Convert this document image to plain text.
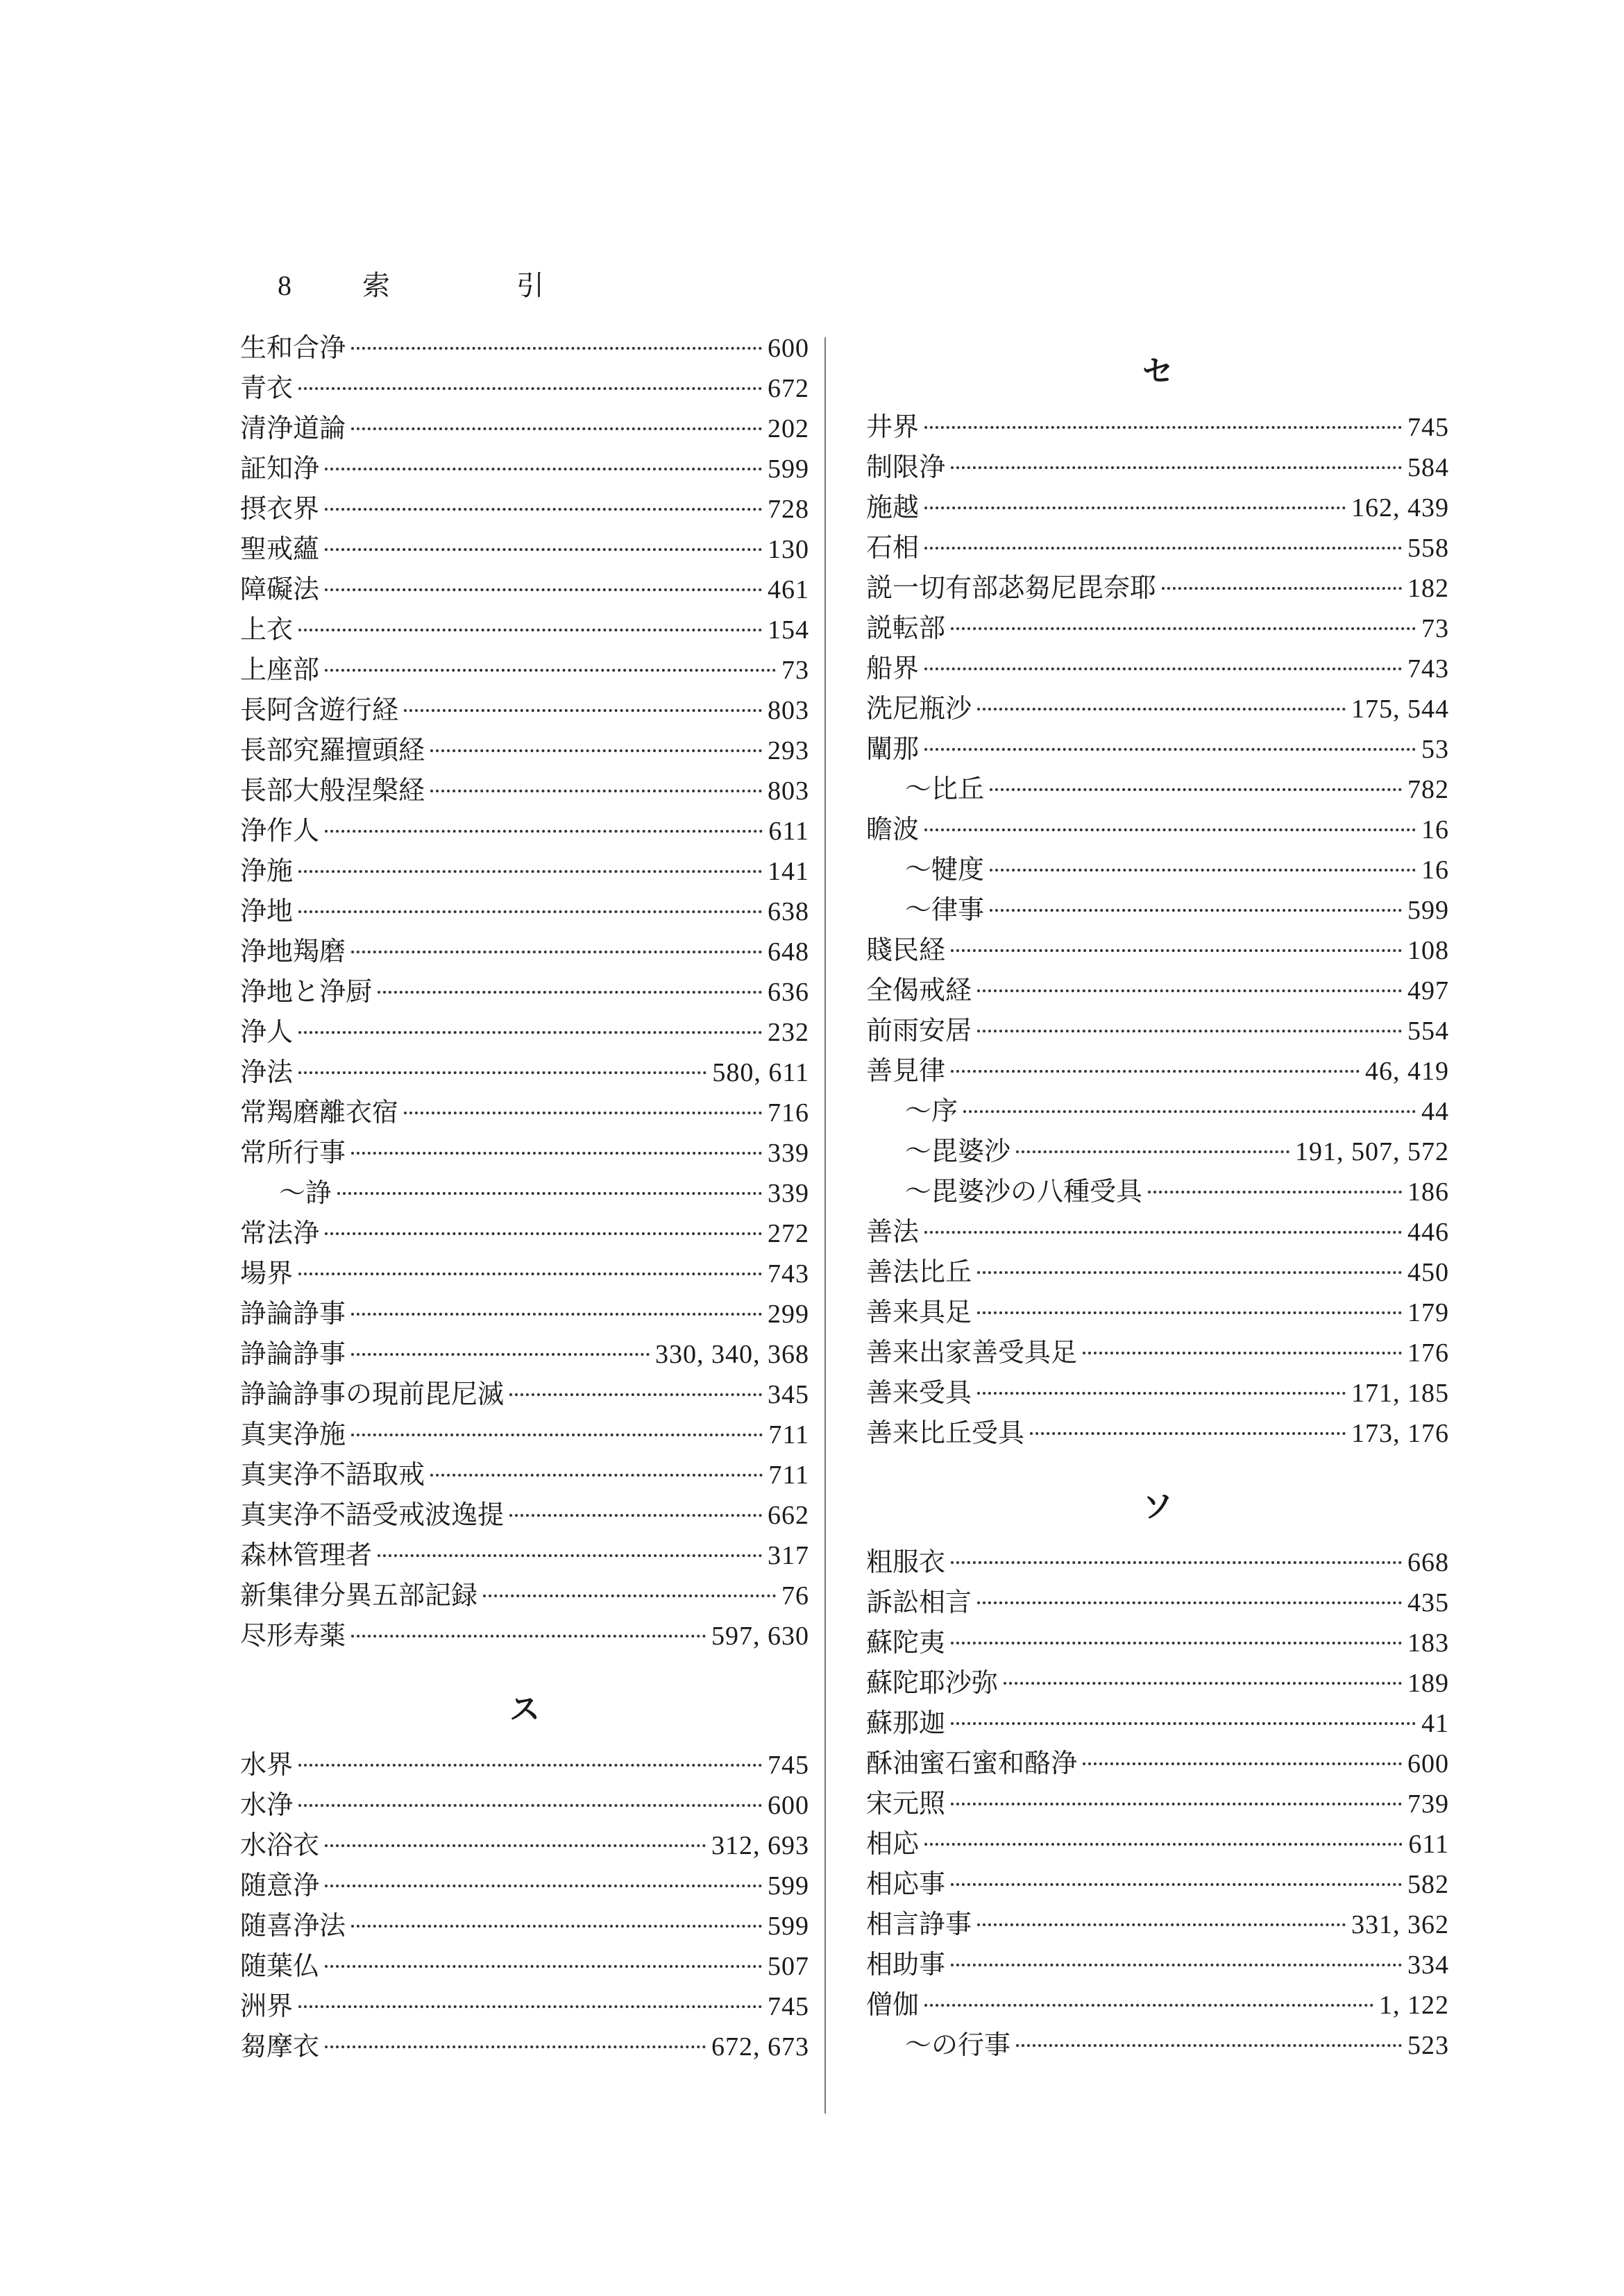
8	索	引
生和合浄	600
青衣	672
清浄道論	202
証知浄	599
摂衣界	728
聖戒蘊	130
障礙法	461
上衣	154
上座部	73
長阿含遊行経	803
長部究羅擅頭経	293
長部大般涅槃経	803
浄作人	611
浄施	141
浄地	638
浄地羯磨	648
浄地と浄厨	636
浄人	232
浄法	580, 611
常羯磨離衣宿	716
常所行事	339
～諍	339
常法浄	272
場界	743
諍論諍事	299
諍論諍事	330, 340, 368
諍論諍事の現前毘尼滅	345
真実浄施	711
真実浄不語取戒	711
真実浄不語受戒波逸提	662
森林管理者	317
新集律分異五部記録	76
尽形寿薬	597, 630
ス
水界	745
水浄	600
水浴衣	312, 693
随意浄	599
随喜浄法	599
随葉仏	507
洲界	745
芻摩衣	672, 673
セ
井界	745
制限浄	584
施越	162, 439
石相	558
説一切有部苾芻尼毘奈耶	182
説転部	73
船界	743
洗尼瓶沙	175, 544
闡那	53
～比丘	782
瞻波	16
～犍度	16
～律事	599
賤民経	108
全偈戒経	497
前雨安居	554
善見律	46, 419
～序	44
～毘婆沙	191, 507, 572
～毘婆沙の八種受具	186
善法	446
善法比丘	450
善来具足	179
善来出家善受具足	176
善来受具	171, 185
善来比丘受具	173, 176
ソ
粗服衣	668
訴訟相言	435
蘇陀夷	183
蘇陀耶沙弥	189
蘇那迦	41
酥油蜜石蜜和酪浄	600
宋元照	739
相応	611
相応事	582
相言諍事	331, 362
相助事	334
僧伽	1, 122
～の行事	523
